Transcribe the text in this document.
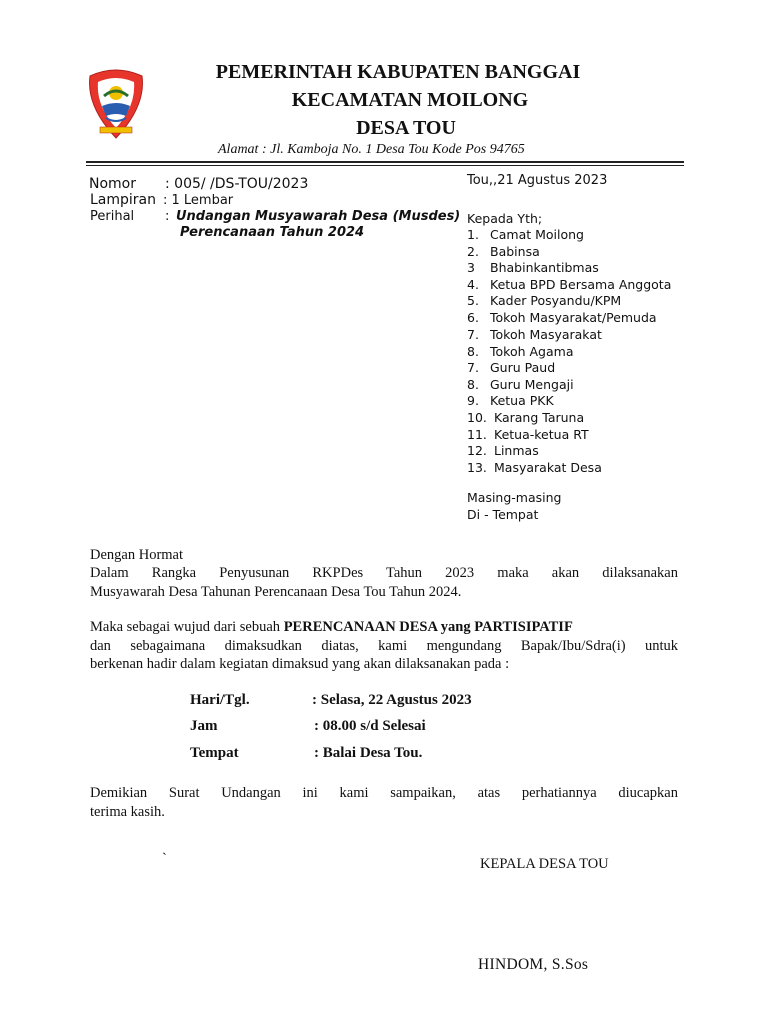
PEMERINTAH KABUPATEN BANGGAI
KECAMATAN MOILONG
DESA TOU
Alamat : Jl. Kamboja No. 1 Desa Tou Kode Pos 94765
Nomor : 005/ /DS-TOU/2023
Lampiran : 1 Lembar
Perihal : Undangan Musyawarah Desa (Musdes)
Perencanaan Tahun 2024
Tou,,21 Agustus 2023
Kepada Yth;
1. Camat Moilong
2. Babinsa
3 Bhabinkantibmas
4. Ketua BPD Bersama Anggota
5. Kader Posyandu/KPM
6. Tokoh Masyarakat/Pemuda
7. Tokoh Masyarakat
8. Tokoh Agama
7. Guru Paud
8. Guru Mengaji
9. Ketua PKK
10. Karang Taruna
11. Ketua-ketua RT
12. Linmas
13. Masyarakat Desa
Masing-masing
Di - Tempat
Dengan Hormat
Dalam Rangka Penyusunan RKPDes Tahun 2023 maka akan dilaksanakan
Musyawarah Desa Tahunan Perencanaan Desa Tou Tahun 2024.
Maka sebagai wujud dari sebuah PERENCANAAN DESA yang PARTISIPATIF
dan sebagaimana dimaksudkan diatas, kami mengundang Bapak/Ibu/Sdra(i) untuk
berkenan hadir dalam kegiatan dimaksud yang akan dilaksanakan pada :
Hari/Tgl.	: Selasa, 22 Agustus 2023
Jam	: 08.00 s/d Selesai
Tempat	: Balai Desa Tou.
Demikian Surat Undangan ini kami sampaikan, atas perhatiannya diucapkan
terima kasih.
`	KEPALA DESA TOU
HINDOM, S.Sos
